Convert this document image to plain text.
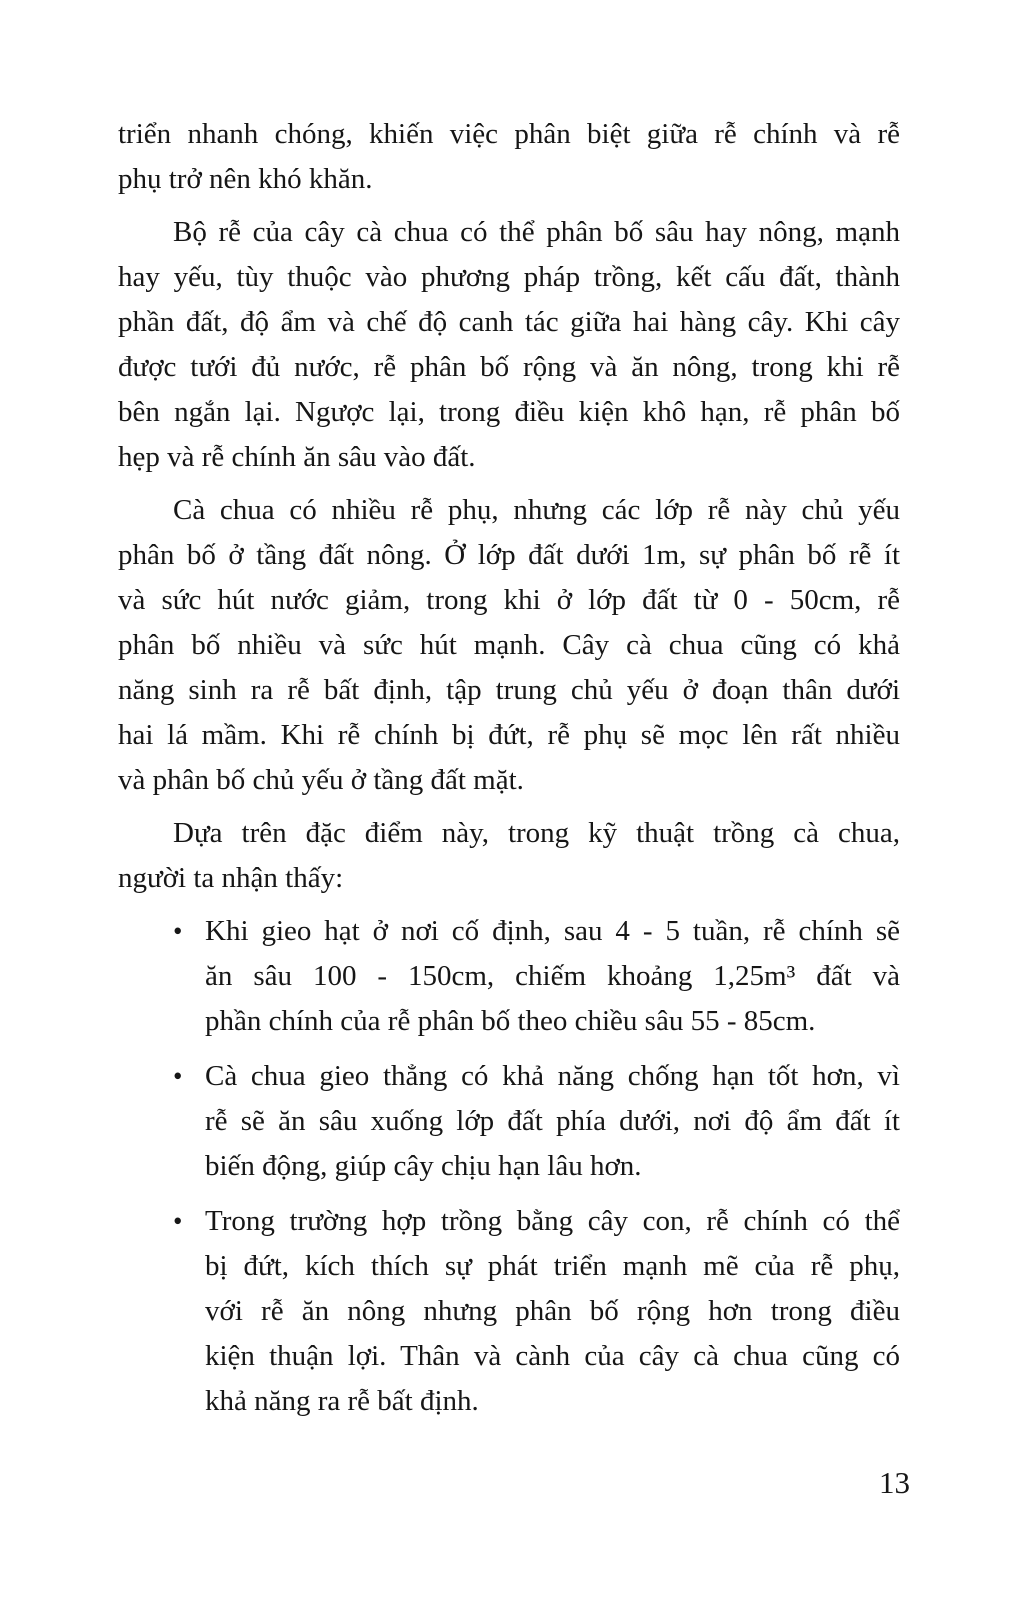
triển nhanh chóng, khiến việc phân biệt giữa rễ chính và rễ
phụ trở nên khó khăn.
Bộ rễ của cây cà chua có thể phân bố sâu hay nông, mạnh
hay yếu, tùy thuộc vào phương pháp trồng, kết cấu đất, thành
phần đất, độ ẩm và chế độ canh tác giữa hai hàng cây. Khi cây
được tưới đủ nước, rễ phân bố rộng và ăn nông, trong khi rễ
bên ngắn lại. Ngược lại, trong điều kiện khô hạn, rễ phân bố
hẹp và rễ chính ăn sâu vào đất.
Cà chua có nhiều rễ phụ, nhưng các lớp rễ này chủ yếu
phân bố ở tầng đất nông. Ở lớp đất dưới 1m, sự phân bố rễ ít
và sức hút nước giảm, trong khi ở lớp đất từ 0 - 50cm, rễ
phân bố nhiều và sức hút mạnh. Cây cà chua cũng có khả
năng sinh ra rễ bất định, tập trung chủ yếu ở đoạn thân dưới
hai lá mầm. Khi rễ chính bị đứt, rễ phụ sẽ mọc lên rất nhiều
và phân bố chủ yếu ở tầng đất mặt.
Dựa trên đặc điểm này, trong kỹ thuật trồng cà chua,
người ta nhận thấy:
• Khi gieo hạt ở nơi cố định, sau 4 - 5 tuần, rễ chính sẽ
ăn sâu 100 - 150cm, chiếm khoảng 1,25m³ đất và
phần chính của rễ phân bố theo chiều sâu 55 - 85cm.
• Cà chua gieo thẳng có khả năng chống hạn tốt hơn, vì
rễ sẽ ăn sâu xuống lớp đất phía dưới, nơi độ ẩm đất ít
biến động, giúp cây chịu hạn lâu hơn.
• Trong trường hợp trồng bằng cây con, rễ chính có thể
bị đứt, kích thích sự phát triển mạnh mẽ của rễ phụ,
với rễ ăn nông nhưng phân bố rộng hơn trong điều
kiện thuận lợi. Thân và cành của cây cà chua cũng có
khả năng ra rễ bất định.
13
